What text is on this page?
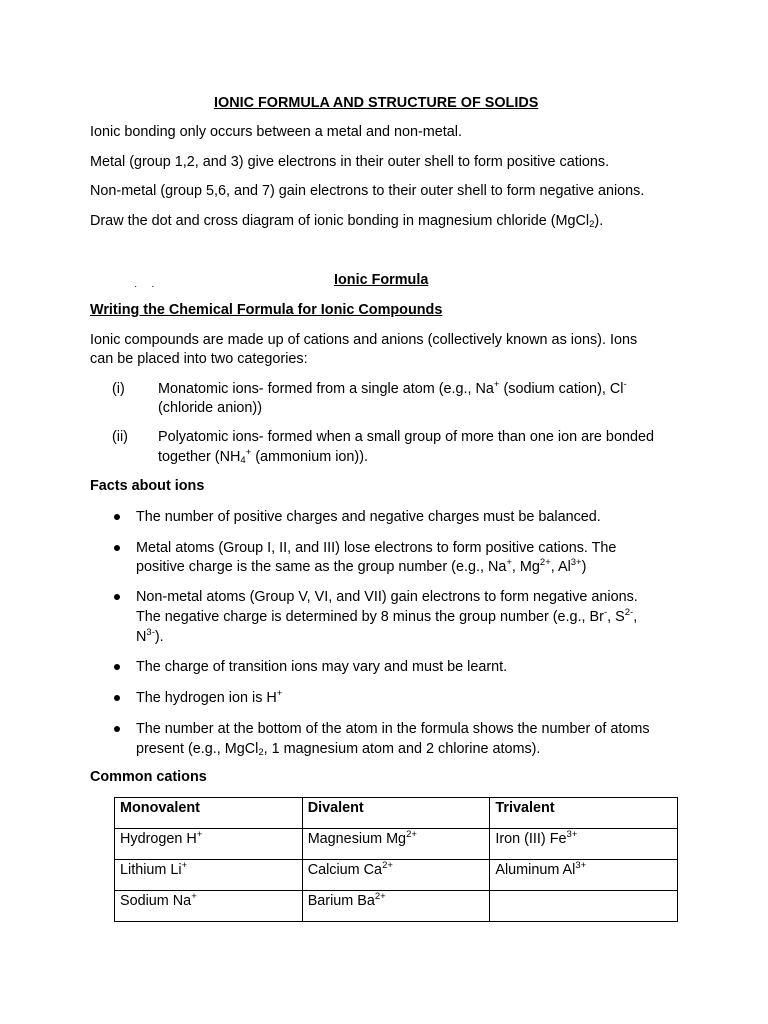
IONIC FORMULA AND STRUCTURE OF SOLIDS
Ionic bonding only occurs between a metal and non-metal.
Metal (group 1,2, and 3) give electrons in their outer shell to form positive cations.
Non-metal (group 5,6, and 7) gain electrons to their outer shell to form negative anions.
Draw the dot and cross diagram of ionic bonding in magnesium chloride (MgCl$_2$).
·     ·	Ionic Formula
Writing the Chemical Formula for Ionic Compounds
Ionic compounds are made up of cations and anions (collectively known as ions). Ions
can be placed into two categories:
(i) Monatomic ions- formed from a single atom (e.g., Na+ (sodium cation), Cl-
(chloride anion))
(ii) Polyatomic ions- formed when a small group of more than one ion are bonded
together ($NH_4^+$ (ammonium ion)).
Facts about ions
The number of positive charges and negative charges must be balanced.
Metal atoms (Group I, II, and III) lose electrons to form positive cations. The
positive charge is the same as the group number (e.g., Na+, $Mg^{2+}$, $Al^{3+}$)
Non-metal atoms (Group V, VI, and VII) gain electrons to form negative anions.
The negative charge is determined by 8 minus the group number (e.g., Br-, $S^{2-}$,
$N^{3-}$).
The charge of transition ions may vary and must be learnt.
The hydrogen ion is H+
The number at the bottom of the atom in the formula shows the number of atoms
present (e.g., MgCl$_2$, 1 magnesium atom and 2 chlorine atoms).
Common cations
Monovalent	Divalent	Trivalent
Hydrogen H+	Magnesium $Mg^{2+}$	Iron (III) $Fe^{3+}$
Lithium Li+	Calcium $Ca^{2+}$	Aluminum $Al^{3+}$
Sodium Na+	Barium $Ba^{2+}$	
